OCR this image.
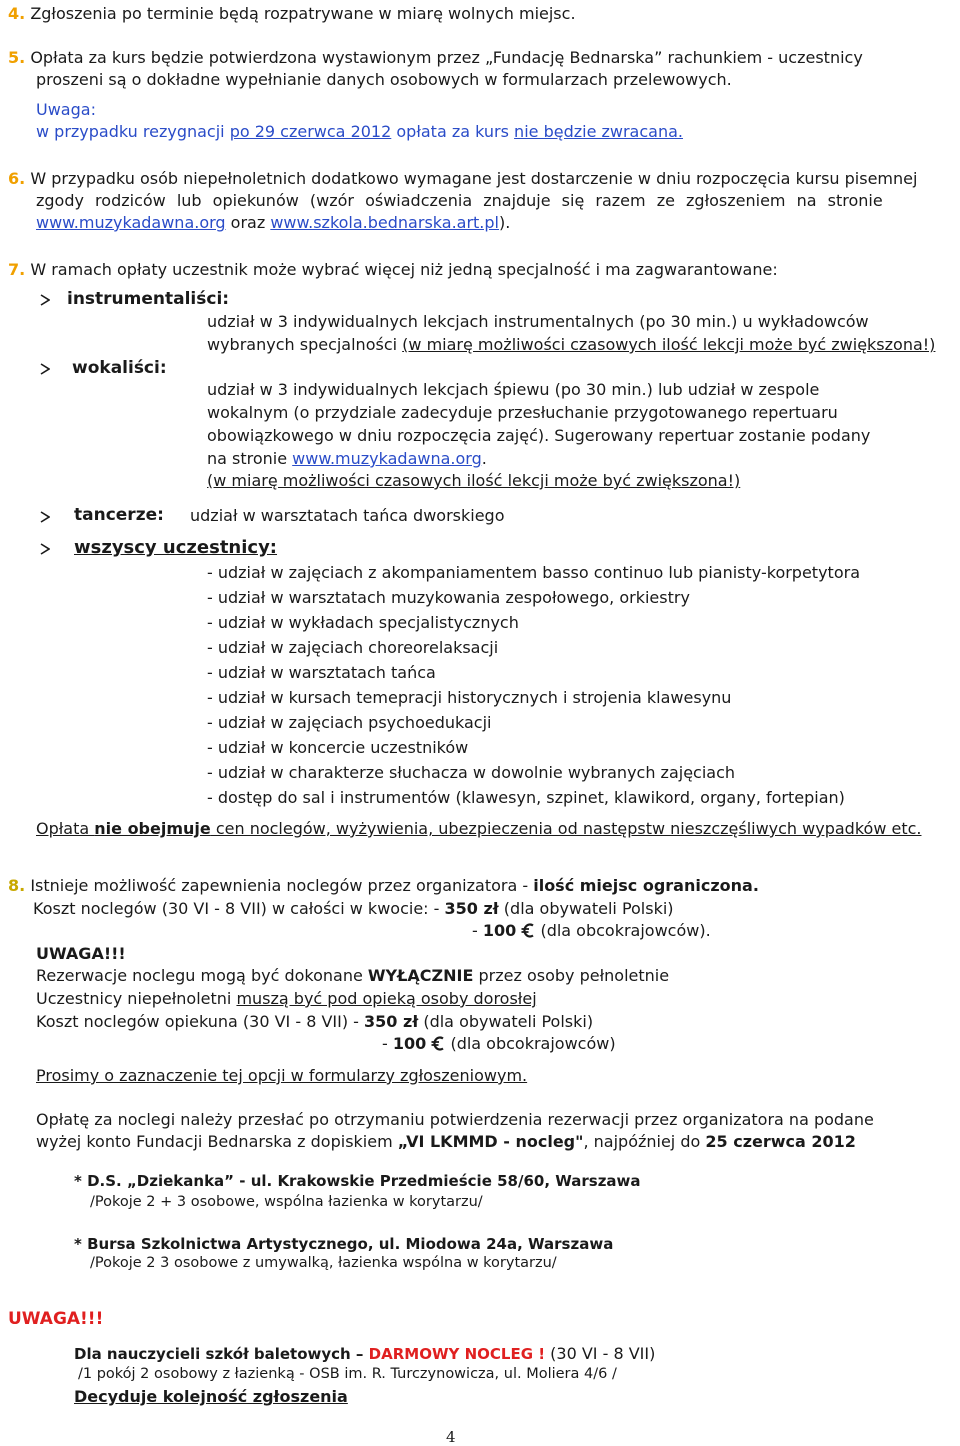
4. Zgłoszenia po terminie będą rozpatrywane w miarę wolnych miejsc.
5. Opłata za kurs będzie potwierdzona wystawionym przez „Fundację Bednarska” rachunkiem - uczestnicy
proszeni są o dokładne wypełnianie danych osobowych w formularzach przelewowych.
Uwaga:
w przypadku rezygnacji po 29 czerwca 2012 opłata za kurs nie będzie zwracana.
6. W przypadku osób niepełnoletnich dodatkowo wymagane jest dostarczenie w dniu rozpoczęcia kursu pisemnej
zgody rodziców lub opiekunów (wzór oświadczenia znajduje się razem ze zgłoszeniem na stronie
www.muzykadawna.org oraz www.szkola.bednarska.art.pl).
7. W ramach opłaty uczestnik może wybrać więcej niż jedną specjalność i ma zagwarantowane:
instrumentaliści:
udział w 3 indywidualnych lekcjach instrumentalnych (po 30 min.) u wykładowców
wybranych specjalności (w miarę możliwości czasowych ilość lekcji może być zwiększona!)
wokaliści:
udział w 3 indywidualnych lekcjach śpiewu (po 30 min.) lub udział w zespole
wokalnym (o przydziale zadecyduje przesłuchanie przygotowanego repertuaru
obowiązkowego w dniu rozpoczęcia zajęć). Sugerowany repertuar zostanie podany
na stronie www.muzykadawna.org.
(w miarę możliwości czasowych ilość lekcji może być zwiększona!)
tancerze: udział w warsztatach tańca dworskiego
wszyscy uczestnicy:
- udział w zajęciach z akompaniamentem basso continuo lub pianisty-korpetytora
- udział w warsztatach muzykowania zespołowego, orkiestry
- udział w wykładach specjalistycznych
- udział w zajęciach choreorelaksacji
- udział w warsztatach tańca
- udział w kursach temepracji historycznych i strojenia klawesynu
- udział w zajęciach psychoedukacji
- udział w koncercie uczestników
- udział w charakterze słuchacza w dowolnie wybranych zajęciach
- dostęp do sal i instrumentów (klawesyn, szpinet, klawikord, organy, fortepian)
Opłata nie obejmuje cen noclegów, wyżywienia, ubezpieczenia od następstw nieszczęśliwych wypadków etc.
8. Istnieje możliwość zapewnienia noclegów przez organizatora - ilość miejsc ograniczona.
Koszt noclegów (30 VI - 8 VII) w całości w kwocie: - 350 zł (dla obywateli Polski)
- 100  (dla obcokrajowców).
UWAGA!!!
Rezerwacje noclegu mogą być dokonane WYŁĄCZNIE przez osoby pełnoletnie
Uczestnicy niepełnoletni muszą być pod opieką osoby dorosłej
Koszt noclegów opiekuna (30 VI - 8 VII) - 350 zł (dla obywateli Polski)
- 100  (dla obcokrajowców)
Prosimy o zaznaczenie tej opcji w formularzy zgłoszeniowym.
Opłatę za noclegi należy przesłać po otrzymaniu potwierdzenia rezerwacji przez organizatora na podane
wyżej konto Fundacji Bednarska z dopiskiem „VI LKMMD - nocleg", najpóźniej do 25 czerwca 2012
* D.S. „Dziekanka” - ul. Krakowskie Przedmieście 58/60, Warszawa
/Pokoje 2 + 3 osobowe, wspólna łazienka w korytarzu/
* Bursa Szkolnictwa Artystycznego, ul. Miodowa 24a, Warszawa
/Pokoje 2 3 osobowe z umywalką, łazienka wspólna w korytarzu/
UWAGA!!!
Dla nauczycieli szkół baletowych – DARMOWY NOCLEG ! (30 VI - 8 VII)
/1 pokój 2 osobowy z łazienką - OSB im. R. Turczynowicza, ul. Moliera 4/6 /
Decyduje kolejność zgłoszenia
4
